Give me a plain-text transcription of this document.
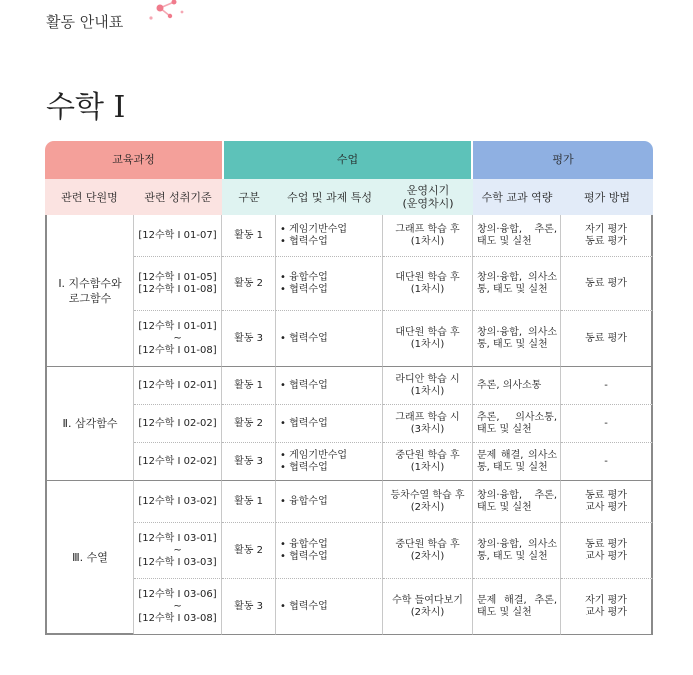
활동 안내표
수학 I
교육과정		수업			평가	
관련 단원명	관련 성취기준	구분	수업 및 과제 특성	운영시기
(운영차시)	수학 교과 역량	평가 방법

Ⅰ. 지수함수와
로그함수	[12수학 I 01-07]	활동 1	• 게임기반수업
• 협력수업	그래프 학습 후
(1차시)	창의·융합, 추론, 태도 및 실천	자기 평가
동료 평가

	[12수학 I 01-05]
[12수학 I 01-08]	활동 2	• 융합수업
• 협력수업	대단원 학습 후
(1차시)	창의·융합, 의사소통, 태도 및 실천	동료 평가

	[12수학 I 01-01]
~
[12수학 I 01-08]	활동 3	• 협력수업	대단원 학습 후
(1차시)	창의·융합, 의사소통, 태도 및 실천	동료 평가

Ⅱ. 삼각함수	[12수학 I 02-01]	활동 1	• 협력수업	라디안 학습 시
(1차시)	추론, 의사소통	-

	[12수학 I 02-02]	활동 2	• 협력수업	그래프 학습 시
(3차시)	추론, 의사소통, 태도 및 실천	-

	[12수학 I 02-02]	활동 3	• 게임기반수업
• 협력수업	중단원 학습 후
(1차시)	문제 해결, 의사소통, 태도 및 실천	-

Ⅲ. 수열	[12수학 I 03-02]	활동 1	• 융합수업	등차수열 학습 후
(2차시)	창의·융합, 추론, 태도 및 실천	동료 평가
교사 평가

	[12수학 I 03-01]
~
[12수학 I 03-03]	활동 2	• 융합수업
• 협력수업	중단원 학습 후
(2차시)	창의·융합, 의사소통, 태도 및 실천	동료 평가
교사 평가

	[12수학 I 03-06]
~
[12수학 I 03-08]	활동 3	• 협력수업	수학 들여다보기
(2차시)	문제 해결, 추론, 태도 및 실천	자기 평가
교사 평가
